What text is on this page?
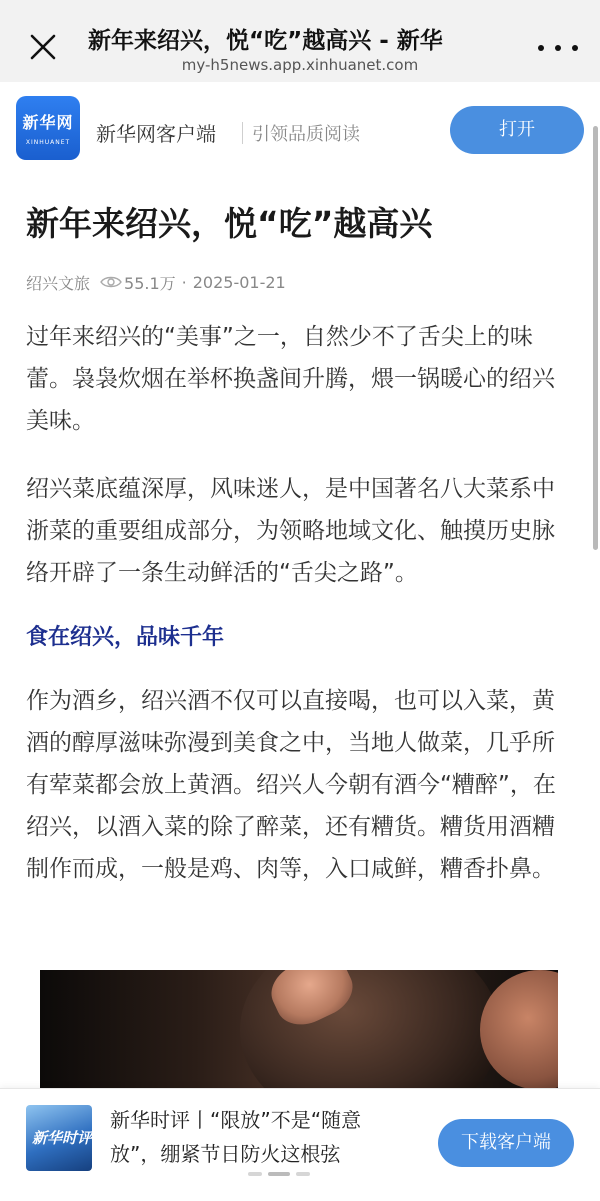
新年来绍兴，悦“吃”越高兴 - 新华
my-h5news.app.xinhuanet.com
新华网
XINHUANET	新华网客户端 引领品质阅读	打开
新年来绍兴，悦“吃”越高兴
绍兴文旅 55.1万 · 2025-01-21

过年来绍兴的“美事”之一，自然少不了舌尖上的味蕾。袅袅炊烟在举杯换盏间升腾，煨一锅暖心的绍兴美味。

绍兴菜底蕴深厚，风味迷人，是中国著名八大菜系中浙菜的重要组成部分，为领略地域文化、触摸历史脉络开辟了一条生动鲜活的“舌尖之路”。

食在绍兴，品味千年

作为酒乡，绍兴酒不仅可以直接喝，也可以入菜，黄酒的醇厚滋味弥漫到美食之中，当地人做菜，几乎所有荤菜都会放上黄酒。绍兴人今朝有酒今“糟醉”，在绍兴，以酒入菜的除了醉菜，还有糟货。糟货用酒糟制作而成，一般是鸡、肉等，入口咸鲜，糟香扑鼻。

新华时评
新华时评丨“限放”不是“随意放”，绷紧节日防火这根弦	下载客户端
